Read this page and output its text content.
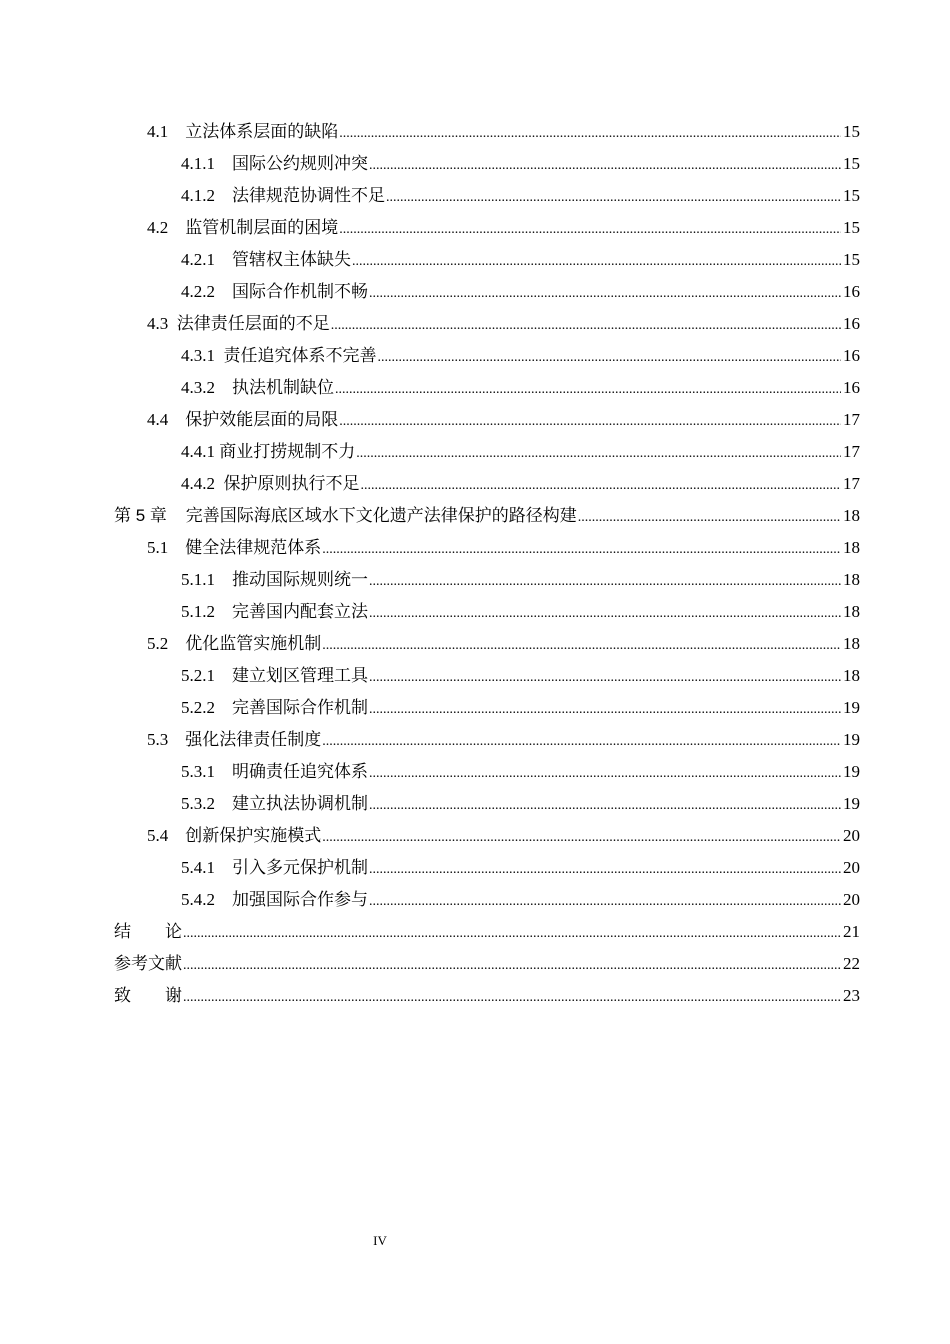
4.1    立法体系层面的缺陷 .....	15
4.1.1    国际公约规则冲突 .....	15
4.1.2    法律规范协调性不足 .....	15
4.2    监管机制层面的困境 .....	15
4.2.1    管辖权主体缺失 .....	15
4.2.2    国际合作机制不畅 .....	16
4.3  法律责任层面的不足 .....	16
4.3.1  责任追究体系不完善 .....	16
4.3.2    执法机制缺位 .....	16
4.4    保护效能层面的局限 .....	17
4.4.1 商业打捞规制不力 .....	17
4.4.2  保护原则执行不足 .....	17
第 5 章    完善国际海底区域水下文化遗产法律保护的路径构建 .....	18
5.1    健全法律规范体系 .....	18
5.1.1    推动国际规则统一 .....	18
5.1.2    完善国内配套立法 .....	18
5.2    优化监管实施机制 .....	18
5.2.1    建立划区管理工具 .....	18
5.2.2    完善国际合作机制 .....	19
5.3    强化法律责任制度 .....	19
5.3.1    明确责任追究体系 .....	19
5.3.2    建立执法协调机制 .....	19
5.4    创新保护实施模式 .....	20
5.4.1    引入多元保护机制 .....	20
5.4.2    加强国际合作参与 .....	20
结        论 .....	21
参考文献 .....	22
致        谢 .....	23
IV
